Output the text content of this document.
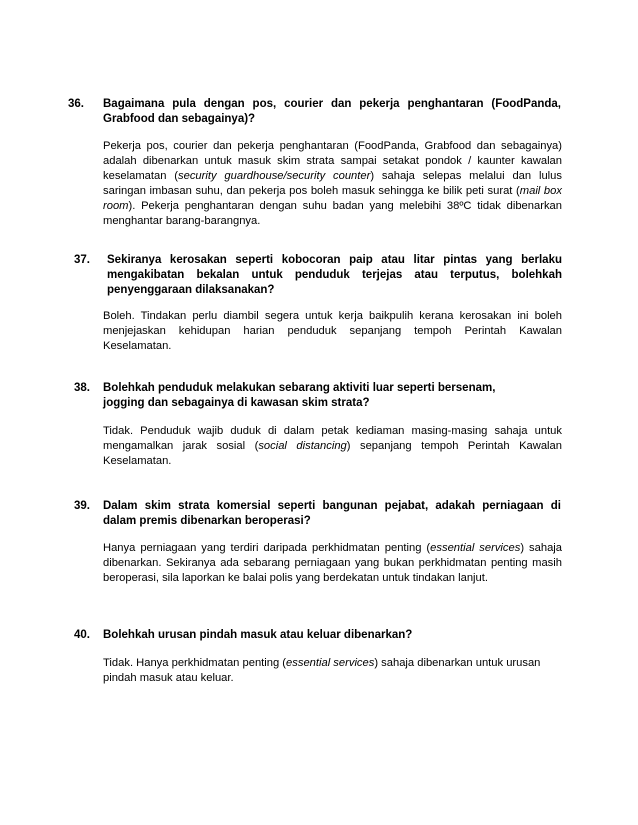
36. Bagaimana pula dengan pos, courier dan pekerja penghantaran (FoodPanda, Grabfood dan sebagainya)?
Pekerja pos, courier dan pekerja penghantaran (FoodPanda, Grabfood dan sebagainya) adalah dibenarkan untuk masuk skim strata sampai setakat pondok / kaunter kawalan keselamatan (security guardhouse/security counter) sahaja selepas melalui dan lulus saringan imbasan suhu, dan pekerja pos boleh masuk sehingga ke bilik peti surat (mail box room). Pekerja penghantaran dengan suhu badan yang melebihi 38ºC tidak dibenarkan menghantar barang-barangnya.
37. Sekiranya kerosakan seperti kobocoran paip atau litar pintas yang berlaku mengakibatan bekalan untuk penduduk terjejas atau terputus, bolehkah penyenggaraan dilaksanakan?
Boleh. Tindakan perlu diambil segera untuk kerja baikpulih kerana kerosakan ini boleh menjejaskan kehidupan harian penduduk sepanjang tempoh Perintah Kawalan Keselamatan.
38. Bolehkah penduduk melakukan sebarang aktiviti luar seperti bersenam, jogging dan sebagainya di kawasan skim strata?
Tidak. Penduduk wajib duduk di dalam petak kediaman masing-masing sahaja untuk mengamalkan jarak sosial (social distancing) sepanjang tempoh Perintah Kawalan Keselamatan.
39. Dalam skim strata komersial seperti bangunan pejabat, adakah perniagaan di dalam premis dibenarkan beroperasi?
Hanya perniagaan yang terdiri daripada perkhidmatan penting (essential services) sahaja dibenarkan. Sekiranya ada sebarang perniagaan yang bukan perkhidmatan penting masih beroperasi, sila laporkan ke balai polis yang berdekatan untuk tindakan lanjut.
40. Bolehkah urusan pindah masuk atau keluar dibenarkan?
Tidak. Hanya perkhidmatan penting (essential services) sahaja dibenarkan untuk urusan pindah masuk atau keluar.
